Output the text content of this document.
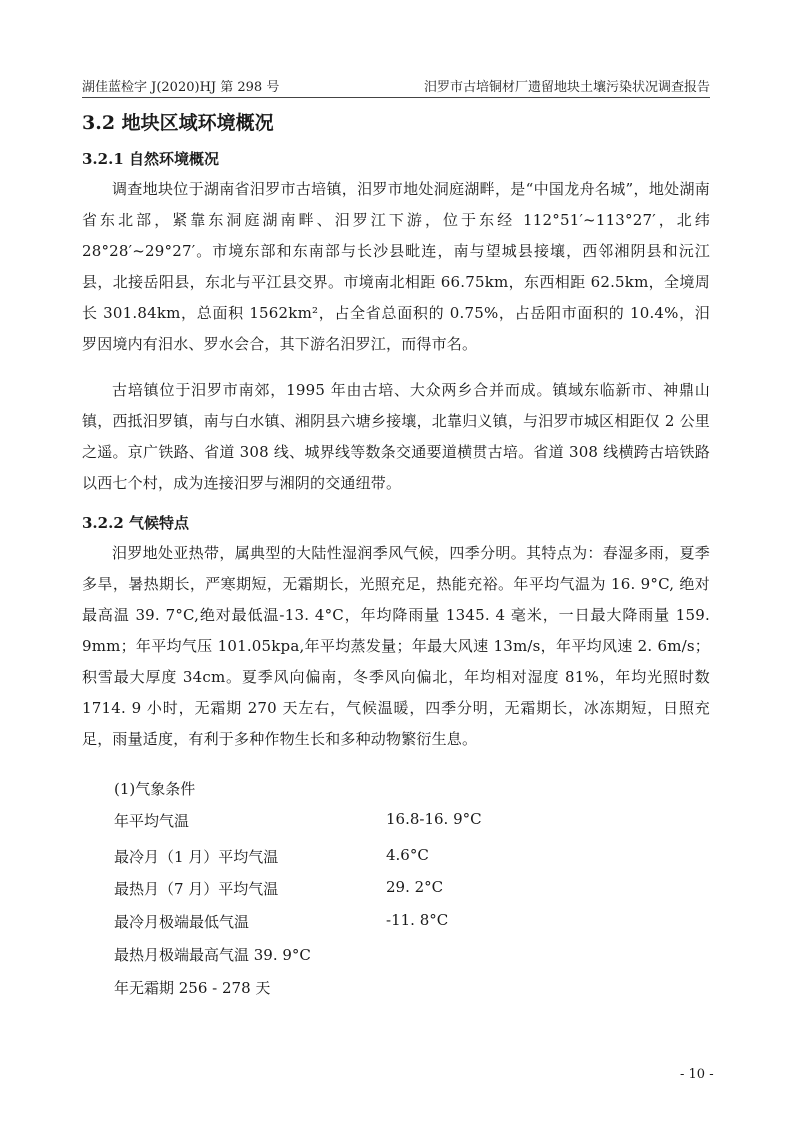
湖佳蓝检字 J(2020)HJ 第 298 号	汨罗市古培铜材厂遗留地块土壤污染状况调查报告
3.2 地块区域环境概况
3.2.1 自然环境概况

调查地块位于湖南省汨罗市古培镇，汨罗市地处洞庭湖畔，是“中国龙舟名城”，地处湖南省东北部，紧靠东洞庭湖南畔、汨罗江下游，位于东经 112°51′~113°27′，北纬 28°28′~29°27′。市境东部和东南部与长沙县毗连，南与望城县接壤，西邻湘阴县和沅江县，北接岳阳县，东北与平江县交界。市境南北相距 66.75km，东西相距 62.5km，全境周长 301.84km，总面积 1562km²，占全省总面积的 0.75%，占岳阳市面积的 10.4%，汨罗因境内有汨水、罗水会合，其下游名汨罗江，而得市名。

古培镇位于汨罗市南郊，1995 年由古培、大众两乡合并而成。镇域东临新市、神鼎山镇，西抵汨罗镇，南与白水镇、湘阴县六塘乡接壤，北靠归义镇，与汨罗市城区相距仅 2 公里之遥。京广铁路、省道 308 线、城界线等数条交通要道横贯古培。省道 308 线横跨古培铁路以西七个村，成为连接汨罗与湘阴的交通纽带。

3.2.2 气候特点

汨罗地处亚热带，属典型的大陆性湿润季风气候，四季分明。其特点为：春湿多雨，夏季多旱，暑热期长，严寒期短，无霜期长，光照充足，热能充裕。年平均气温为 16. 9°C, 绝对最高温 39. 7°C,绝对最低温-13. 4°C，年均降雨量 1345. 4 毫米，一日最大降雨量 159. 9mm；年平均气压 101.05kpa,年平均蒸发量；年最大风速 13m/s，年平均风速 2. 6m/s；积雪最大厚度 34cm。夏季风向偏南，冬季风向偏北，年均相对湿度 81%，年均光照时数 1714. 9 小时，无霜期 270 天左右，气候温暖，四季分明，无霜期长，冰冻期短，日照充足，雨量适度，有利于多种作物生长和多种动物繁衍生息。

(1)气象条件
年平均气温	16.8-16. 9°C
最冷月（1 月）平均气温	4.6°C
最热月（7 月）平均气温	29. 2°C
最冷月极端最低气温	-11. 8°C
最热月极端最高气温 39. 9°C
年无霜期 256 - 278 天
- 10 -
